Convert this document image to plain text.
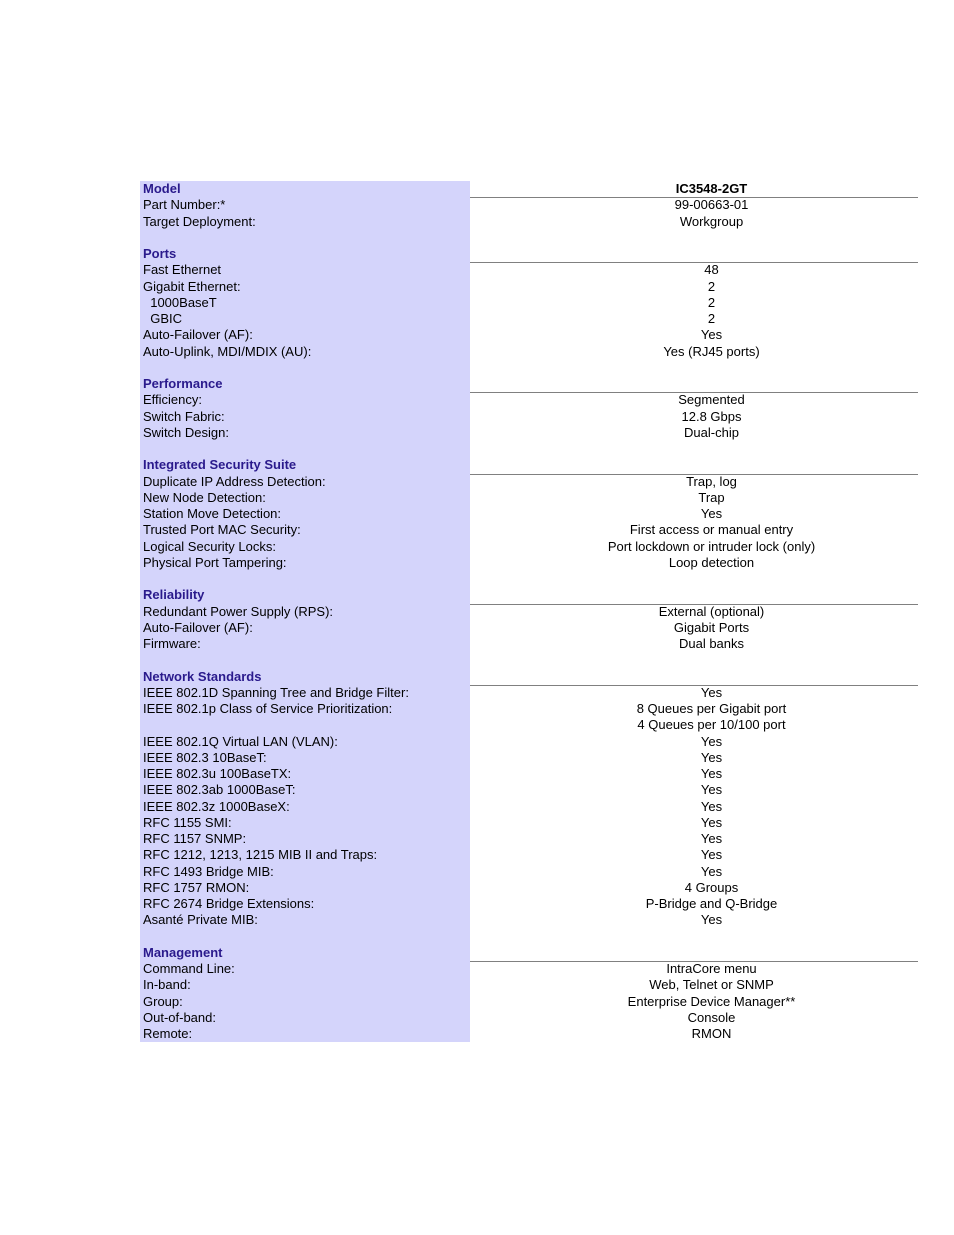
Model	IC3548-2GT
Part Number:*	99-00663-01
Target Deployment:	Workgroup
Ports
Fast Ethernet	48
Gigabit Ethernet:	2
1000BaseT	2
GBIC	2
Auto-Failover (AF):	Yes
Auto-Uplink, MDI/MDIX (AU):	Yes (RJ45 ports)
Performance
Efficiency:	Segmented
Switch Fabric:	12.8 Gbps
Switch Design:	Dual-chip
Integrated Security Suite
Duplicate IP Address Detection:	Trap, log
New Node Detection:	Trap
Station Move Detection:	Yes
Trusted Port MAC Security:	First access or manual entry
Logical Security Locks:	Port lockdown or intruder lock (only)
Physical Port Tampering:	Loop detection
Reliability
Redundant Power Supply (RPS):	External (optional)
Auto-Failover (AF):	Gigabit Ports
Firmware:	Dual banks
Network Standards
IEEE 802.1D Spanning Tree and Bridge Filter:	Yes
IEEE 802.1p Class of Service Prioritization:	8 Queues per Gigabit port
4 Queues per 10/100 port
IEEE 802.1Q Virtual LAN (VLAN):	Yes
IEEE 802.3 10BaseT:	Yes
IEEE 802.3u 100BaseTX:	Yes
IEEE 802.3ab 1000BaseT:	Yes
IEEE 802.3z 1000BaseX:	Yes
RFC 1155 SMI:	Yes
RFC 1157 SNMP:	Yes
RFC 1212, 1213, 1215 MIB II and Traps:	Yes
RFC 1493 Bridge MIB:	Yes
RFC 1757 RMON:	4 Groups
RFC 2674 Bridge Extensions:	P-Bridge and Q-Bridge
Asanté Private MIB:	Yes
Management
Command Line:	IntraCore menu
In-band:	Web, Telnet or SNMP
Group:	Enterprise Device Manager**
Out-of-band:	Console
Remote:	RMON
